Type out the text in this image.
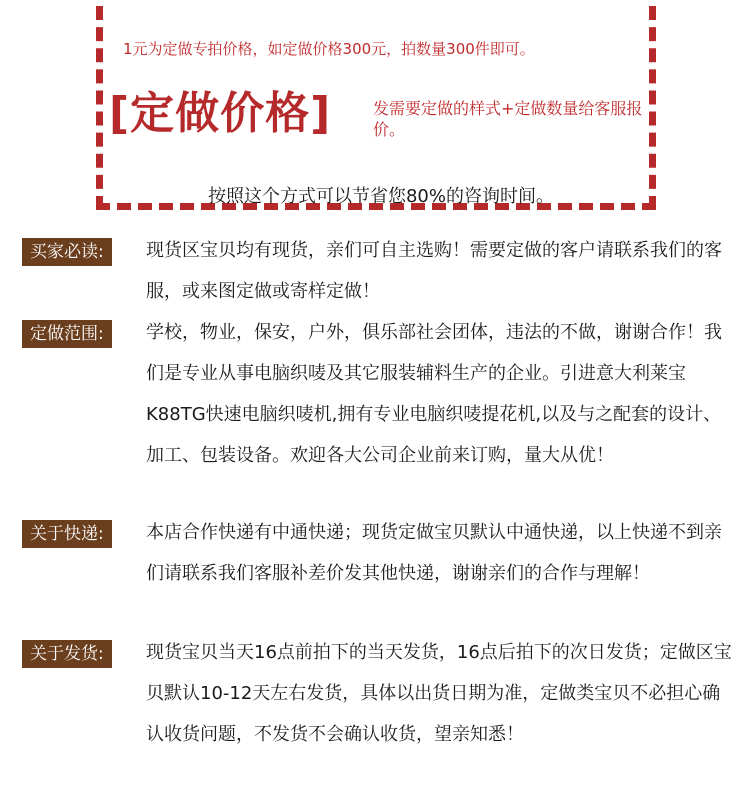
1元为定做专拍价格，如定做价格300元，拍数量300件即可。
[定做价格]	发需要定做的样式+定做数量给客服报价。
按照这个方式可以节省您80%的咨询时间。
买家必读:	现货区宝贝均有现货，亲们可自主选购！需要定做的客户请联系我们的客服，或来图定做或寄样定做！
定做范围:	学校，物业，保安，户外，俱乐部社会团体，违法的不做，谢谢合作！我们是专业从事电脑织唛及其它服装辅料生产的企业。引进意大利莱宝K88TG快速电脑织唛机,拥有专业电脑织唛提花机,以及与之配套的设计、加工、包装设备。欢迎各大公司企业前来订购，量大从优！
关于快递:	本店合作快递有中通快递；现货定做宝贝默认中通快递，以上快递不到亲们请联系我们客服补差价发其他快递，谢谢亲们的合作与理解！
关于发货:	现货宝贝当天16点前拍下的当天发货，16点后拍下的次日发货；定做区宝贝默认10-12天左右发货，具体以出货日期为准，定做类宝贝不必担心确认收货问题，不发货不会确认收货，望亲知悉！
